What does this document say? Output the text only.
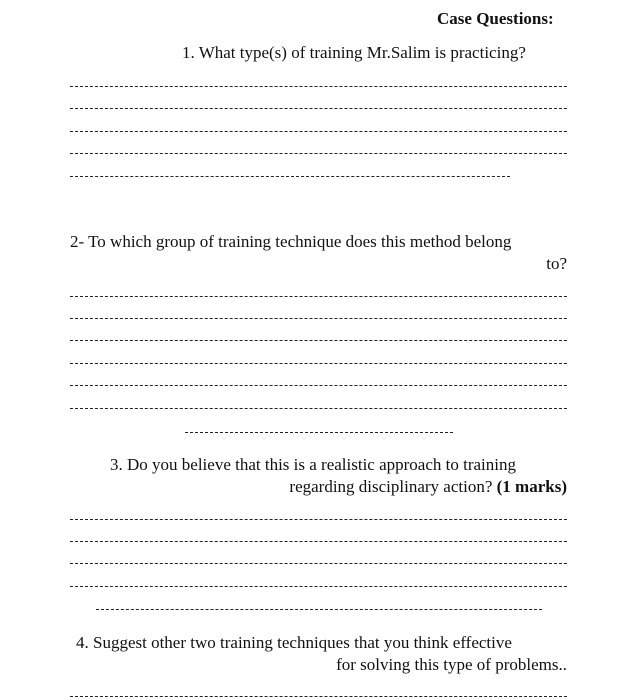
Case Questions:
1. What type(s) of training Mr.Salim is practicing?
2- To which group of training technique does this method belong
to?
3. Do you believe that this is a realistic approach to training
regarding disciplinary action? (1 marks)
4. Suggest other two training techniques that you think effective
for solving this type of problems..
